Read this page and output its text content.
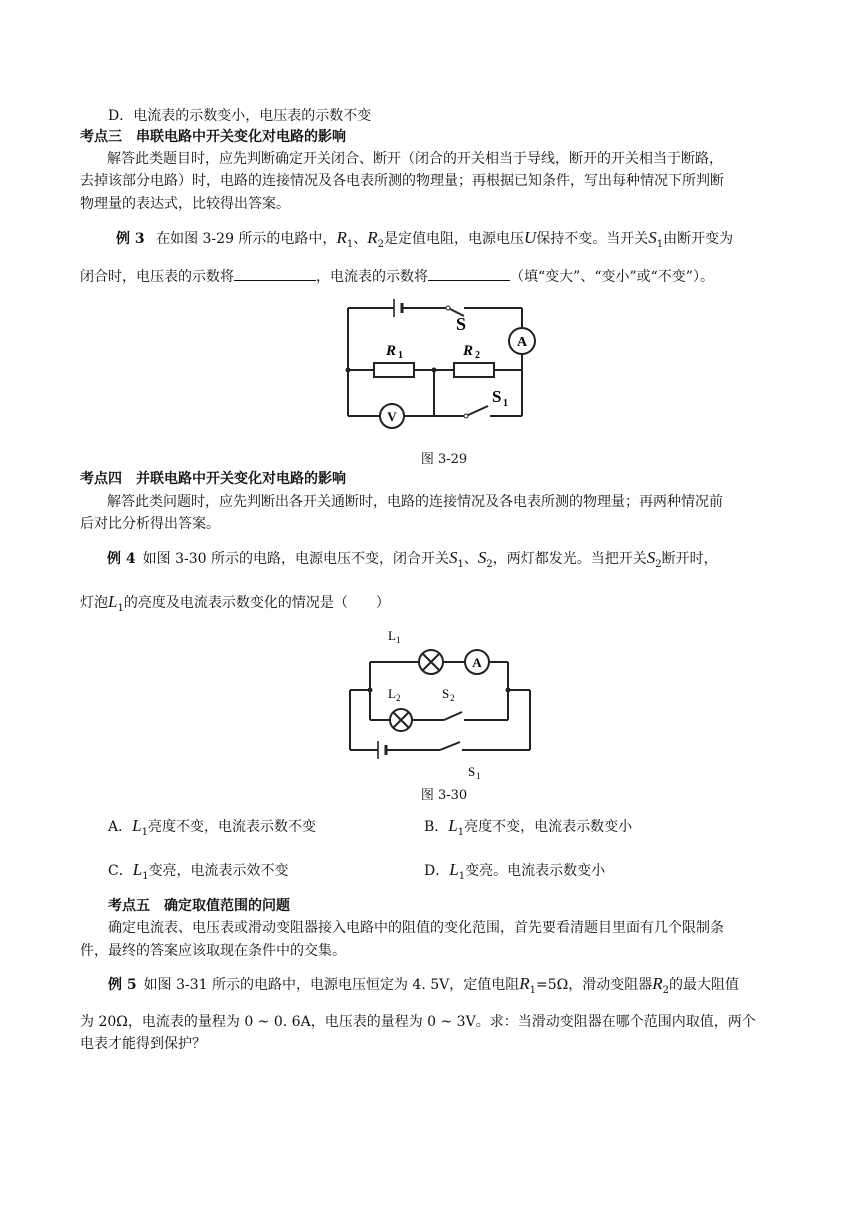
D．电流表的示数变小，电压表的示数不变
考点三　串联电路中开关变化对电路的影响
解答此类题目时，应先判断确定开关闭合、断开（闭合的开关相当于导线，断开的开关相当于断路，
去掉该部分电路）时，电路的连接情况及各电表所测的物理量；再根据已知条件，写出每种情况下所判断
物理量的表达式，比较得出答案。
例 3  在如图 3-29 所示的电路中，$R_1$、$R_2$是定值电阻，电源电压U保持不变。当开关$S_1$由断开变为
闭合时，电压表的示数将	，电流表的示数将	（填“变大”、“变小”或“不变”）。
A
V
S
R 1	R 2
S 1
图 3-29
考点四　并联电路中开关变化对电路的影响
解答此类问题时，应先判断出各开关通断时，电路的连接情况及各电表所测的物理量；再两种情况前
后对比分析得出答案。
例 4  如图 3-30 所示的电路，电源电压不变，闭合开关$S_1$、$S_2$，两灯都发光。当把开关$S_2$断开时，
灯泡$L_1$的亮度及电流表示数变化的情况是（　　）
A
L 1
L 2	S 2
S 1
图 3-30
A．$L_1$亮度不变，电流表示数不变	B．$L_1$亮度不变，电流表示数变小
C．$L_1$变亮，电流表示效不变	D．$L_1$变亮。电流表示数变小
考点五　确定取值范围的问题
确定电流表、电压表或滑动变阻器接入电路中的阻值的变化范围，首先要看清题目里面有几个限制条
件，最终的答案应该取现在条件中的交集。
例 5  如图 3-31 所示的电路中，电源电压恒定为 4. 5V，定值电阻$R_1=5\Omega$，滑动变阻器$R_2$的最大阻值
为 20Ω，电流表的量程为 0 ~ 0. 6A，电压表的量程为 0 ~ 3V。求：当滑动变阻器在哪个范围内取值，两个
电表才能得到保护？
